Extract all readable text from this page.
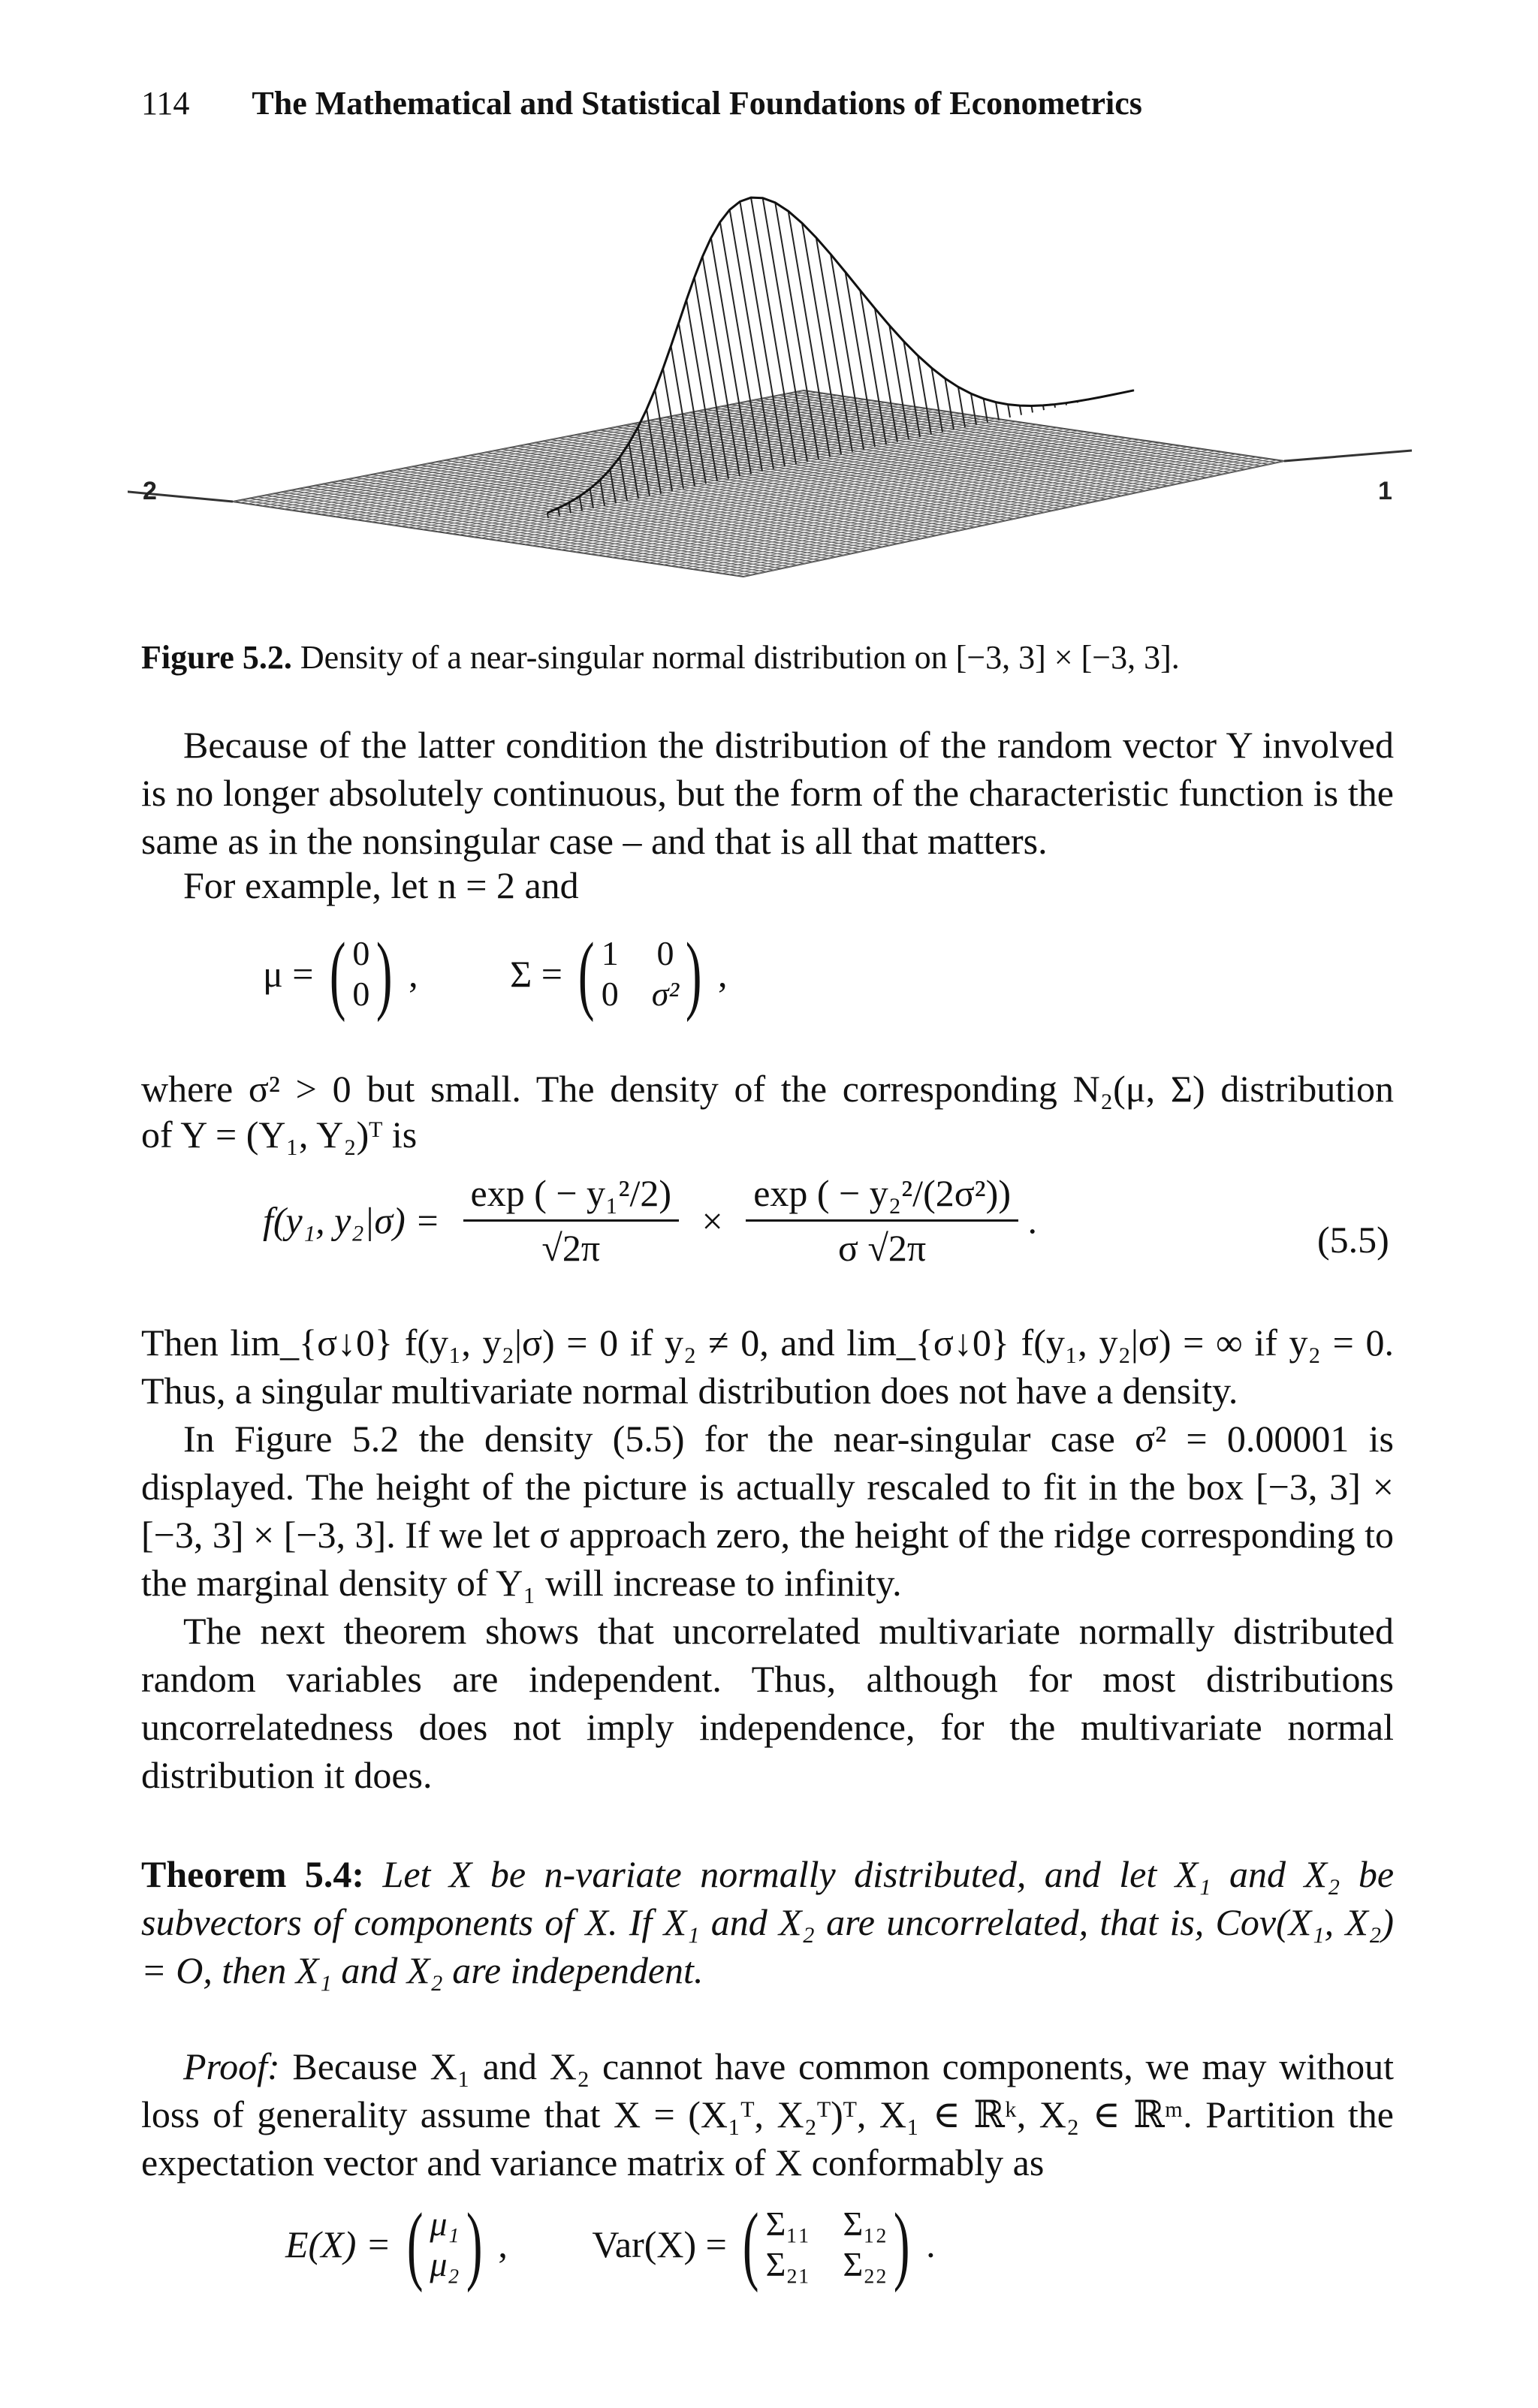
114 The Mathematical and Statistical Foundations of Econometrics
2	1
Figure 5.2. Density of a near-singular normal distribution on [−3, 3] × [−3, 3].
Because of the latter condition the distribution of the random vector Y involved is no longer absolutely continuous, but the form of the characteristic function is the same as in the nonsingular case – and that is all that matters.
For example, let n = 2 and
μ = ( 0
0 ) , Σ = ( 1 0
0 σ² ) ,
where σ² > 0 but small. The density of the corresponding N₂(μ, Σ) distribution
of Y = (Y₁, Y₂)ᵀ is
f(y₁, $y_2|\sigma) = \frac{\text{exp ( − y₁²/2)}}{√2\pi} \times \frac{\text{exp ( − y₂²/(2σ²))}}{\sigma √2\pi}$ .	(5.5)
Then lim_{σ↓0} f(y₁, y₂|σ) = 0 if y₂ ≠ 0, and lim_{σ↓0} f(y₁, y₂|σ) = ∞ if y₂ = 0. Thus, a singular multivariate normal distribution does not have a density.
In Figure 5.2 the density (5.5) for the near-singular case σ² = 0.00001 is displayed. The height of the picture is actually rescaled to fit in the box [−3, 3] × [−3, 3] × [−3, 3]. If we let σ approach zero, the height of the ridge corresponding to the marginal density of Y₁ will increase to infinity.
The next theorem shows that uncorrelated multivariate normally distributed random variables are independent. Thus, although for most distributions uncorrelatedness does not imply independence, for the multivariate normal distribution it does.
Theorem 5.4: Let X be n-variate normally distributed, and let X₁ and X₂ be subvectors of components of X. If X₁ and X₂ are uncorrelated, that is, Cov(X₁, X₂) = O, then X₁ and X₂ are independent.
Proof: Because X₁ and X₂ cannot have common components, we may without loss of generality assume that X = (X₁ᵀ, X₂ᵀ)ᵀ, X₁ ∈ ℝᵏ, X₂ ∈ ℝᵐ. Partition the expectation vector and variance matrix of X conformably as
E(X) = ( μ₁
μ₂ ) , Var(X) = ( Σ₁₁ Σ₁₂
Σ₂₁ Σ₂₂ ) .
